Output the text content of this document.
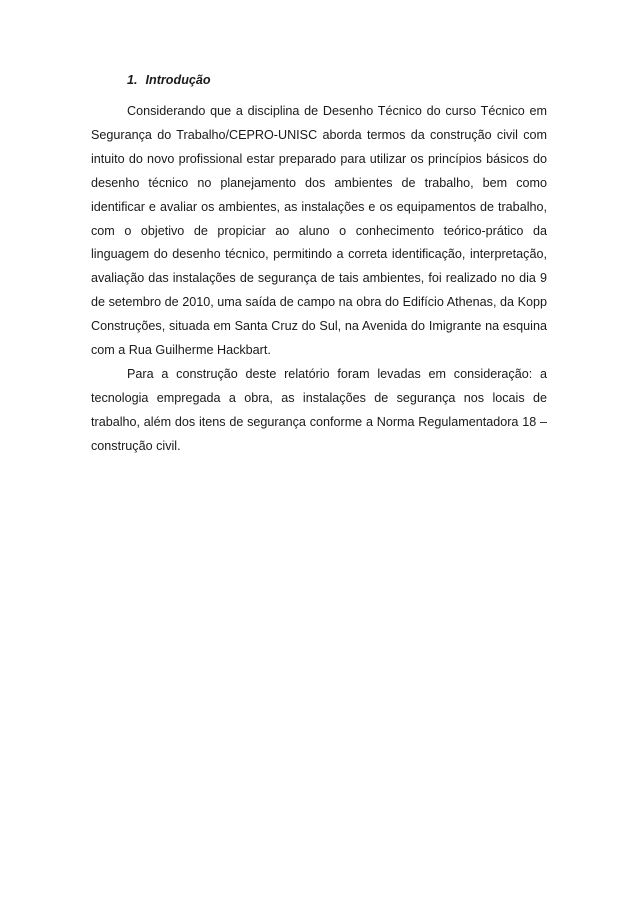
1. Introdução

Considerando que a disciplina de Desenho Técnico do curso Técnico em Segurança do Trabalho/CEPRO-UNISC aborda termos da construção civil com intuito do novo profissional estar preparado para utilizar os princípios básicos do desenho técnico no planejamento dos ambientes de trabalho, bem como identificar e avaliar os ambientes, as instalações e os equipamentos de trabalho, com o objetivo de propiciar ao aluno o conhecimento teórico-prático da linguagem do desenho técnico, permitindo a correta identificação, interpretação, avaliação das instalações de segurança de tais ambientes, foi realizado no dia 9 de setembro de 2010, uma saída de campo na obra do Edifício Athenas, da Kopp Construções, situada em Santa Cruz do Sul, na Avenida do Imigrante na esquina com a Rua Guilherme Hackbart.

Para a construção deste relatório foram levadas em consideração: a tecnologia empregada a obra, as instalações de segurança nos locais de trabalho, além dos itens de segurança conforme a Norma Regulamentadora 18 – construção civil.
